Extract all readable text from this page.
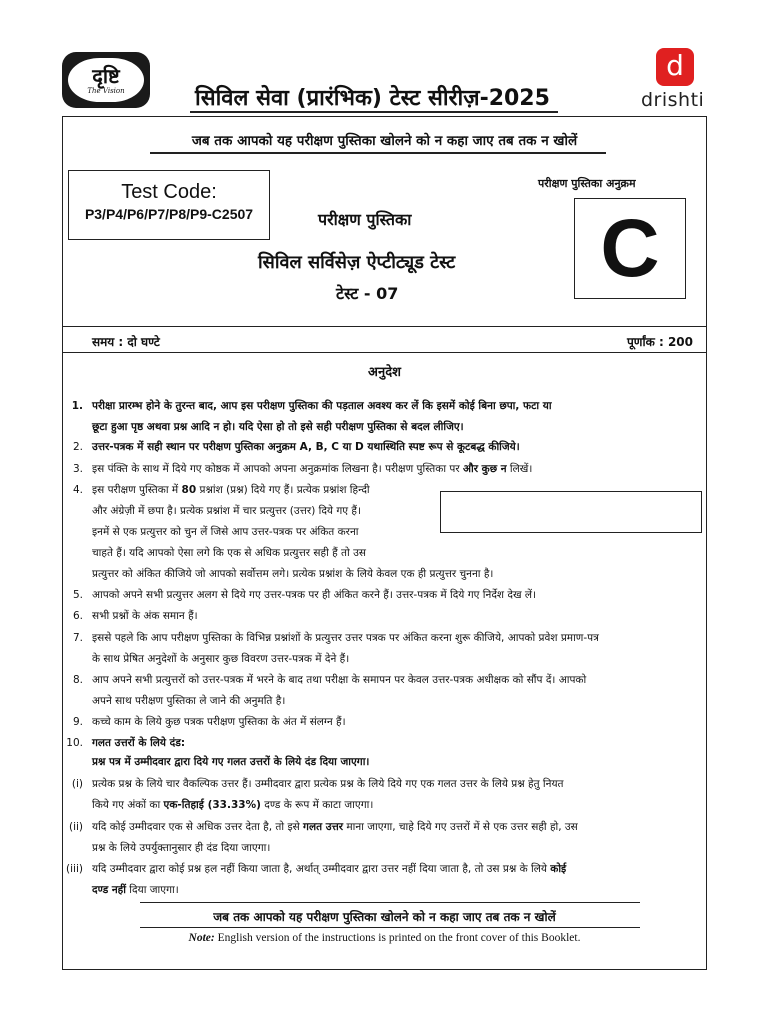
दृष्टि
The Vision	सिविल सेवा (प्रारंभिक) टेस्ट सीरीज़-2025
d
drishti
जब तक आपको यह परीक्षण पुस्तिका खोलने को न कहा जाए तब तक न खोलें
Test Code:
P3/P4/P6/P7/P8/P9-C2507	परीक्षण पुस्तिका
सिविल सर्विसेज़ ऐप्टीट्यूड टेस्ट
टेस्ट - 07
परीक्षण पुस्तिका अनुक्रम
C
समय : दो घण्टे	पूर्णांक : 200
अनुदेश
1. परीक्षा प्रारम्भ होने के तुरन्त बाद, आप इस परीक्षण पुस्तिका की पड़ताल अवश्य कर लें कि इसमें कोई बिना छपा, फटा या
छूटा हुआ पृष्ठ अथवा प्रश्न आदि न हो। यदि ऐसा हो तो इसे सही परीक्षण पुस्तिका से बदल लीजिए।
2. उत्तर-पत्रक में सही स्थान पर परीक्षण पुस्तिका अनुक्रम A, B, C या D यथास्थिति स्पष्ट रूप से कूटबद्ध कीजिये।
3. इस पंक्ति के साथ में दिये गए कोष्ठक में आपको अपना अनुक्रमांक लिखना है। परीक्षण पुस्तिका पर और कुछ न लिखें।
4. इस परीक्षण पुस्तिका में 80 प्रश्नांश (प्रश्न) दिये गए हैं। प्रत्येक प्रश्नांश हिन्दी
और अंग्रेज़ी में छपा है। प्रत्येक प्रश्नांश में चार प्रत्युत्तर (उत्तर) दिये गए हैं।
इनमें से एक प्रत्युत्तर को चुन लें जिसे आप उत्तर-पत्रक पर अंकित करना
चाहते हैं। यदि आपको ऐसा लगे कि एक से अधिक प्रत्युत्तर सही हैं तो उस
प्रत्युत्तर को अंकित कीजिये जो आपको सर्वोत्तम लगे। प्रत्येक प्रश्नांश के लिये केवल एक ही प्रत्युत्तर चुनना है।
5. आपको अपने सभी प्रत्युत्तर अलग से दिये गए उत्तर-पत्रक पर ही अंकित करने हैं। उत्तर-पत्रक में दिये गए निर्देश देख लें।
6. सभी प्रश्नों के अंक समान हैं।
7. इससे पहले कि आप परीक्षण पुस्तिका के विभिन्न प्रश्नांशों के प्रत्युत्तर उत्तर पत्रक पर अंकित करना शुरू कीजिये, आपको प्रवेश प्रमाण-पत्र
के साथ प्रेषित अनुदेशों के अनुसार कुछ विवरण उत्तर-पत्रक में देने हैं।
8. आप अपने सभी प्रत्युत्तरों को उत्तर-पत्रक में भरने के बाद तथा परीक्षा के समापन पर केवल उत्तर-पत्रक अधीक्षक को सौंप दें। आपको
अपने साथ परीक्षण पुस्तिका ले जाने की अनुमति है।
9. कच्चे काम के लिये कुछ पत्रक परीक्षण पुस्तिका के अंत में संलग्न हैं।
10. गलत उत्तरों के लिये दंड:
प्रश्न पत्र में उम्मीदवार द्वारा दिये गए गलत उत्तरों के लिये दंड दिया जाएगा।
(i) प्रत्येक प्रश्न के लिये चार वैकल्पिक उत्तर हैं। उम्मीदवार द्वारा प्रत्येक प्रश्न के लिये दिये गए एक गलत उत्तर के लिये प्रश्न हेतु नियत
किये गए अंकों का एक-तिहाई (33.33%) दण्ड के रूप में काटा जाएगा।
(ii) यदि कोई उम्मीदवार एक से अधिक उत्तर देता है, तो इसे गलत उत्तर माना जाएगा, चाहे दिये गए उत्तरों में से एक उत्तर सही हो, उस
प्रश्न के लिये उपर्युक्तानुसार ही दंड दिया जाएगा।
(iii) यदि उम्मीदवार द्वारा कोई प्रश्न हल नहीं किया जाता है, अर्थात् उम्मीदवार द्वारा उत्तर नहीं दिया जाता है, तो उस प्रश्न के लिये कोई
दण्ड नहीं दिया जाएगा।
जब तक आपको यह परीक्षण पुस्तिका खोलने को न कहा जाए तब तक न खोलें
Note: English version of the instructions is printed on the front cover of this Booklet.
